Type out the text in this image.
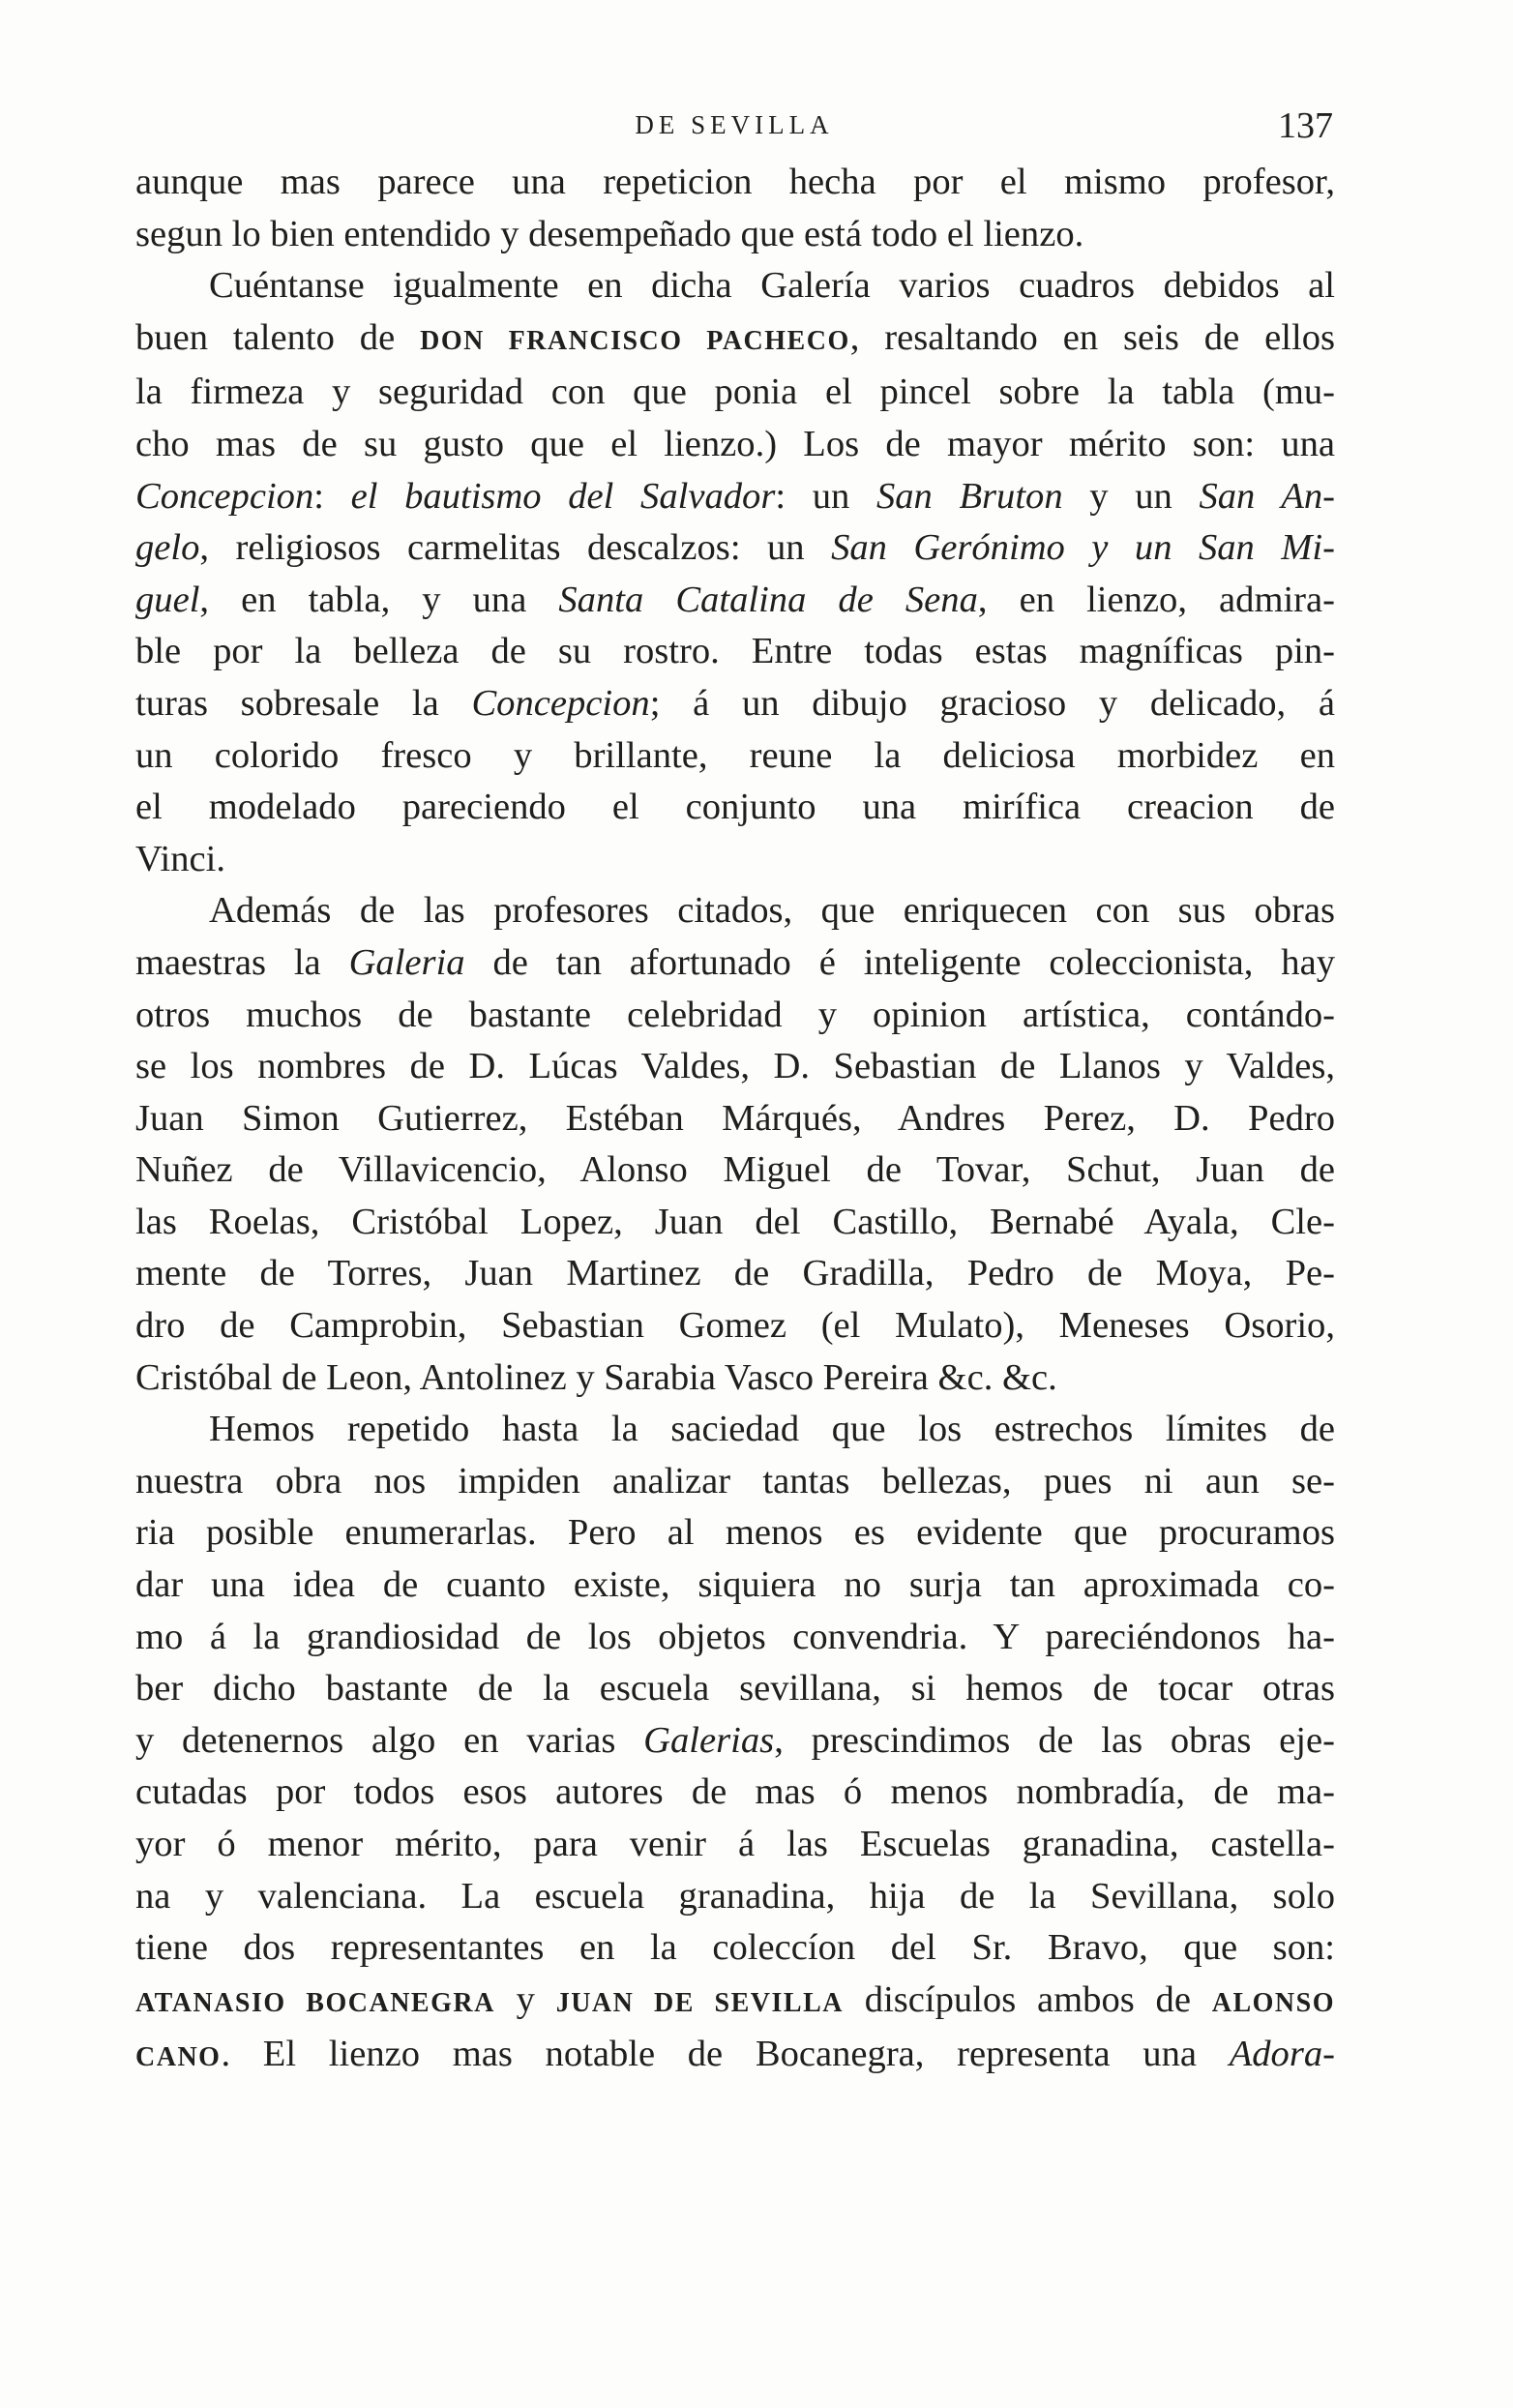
DE SEVILLA	137
aunque mas parece una repeticion hecha por el mismo profesor,
segun lo bien entendido y desempeñado que está todo el lienzo.
Cuéntanse igualmente en dicha Galería varios cuadros debidos al
buen talento de DON FRANCISCO PACHECO, resaltando en seis de ellos
la firmeza y seguridad con que ponia el pincel sobre la tabla (mu-
cho mas de su gusto que el lienzo.) Los de mayor mérito son: una
Concepcion: el bautismo del Salvador: un San Bruton y un San An-
gelo, religiosos carmelitas descalzos: un San Gerónimo y un San Mi-
guel, en tabla, y una Santa Catalina de Sena, en lienzo, admira-
ble por la belleza de su rostro. Entre todas estas magníficas pin-
turas sobresale la Concepcion; á un dibujo gracioso y delicado, á
un colorido fresco y brillante, reune la deliciosa morbidez en
el modelado pareciendo el conjunto una mirífica creacion de
Vinci.
Además de las profesores citados, que enriquecen con sus obras
maestras la Galeria de tan afortunado é inteligente coleccionista, hay
otros muchos de bastante celebridad y opinion artística, contándo-
se los nombres de D. Lúcas Valdes, D. Sebastian de Llanos y Valdes,
Juan Simon Gutierrez, Estéban Márqués, Andres Perez, D. Pedro
Nuñez de Villavicencio, Alonso Miguel de Tovar, Schut, Juan de
las Roelas, Cristóbal Lopez, Juan del Castillo, Bernabé Ayala, Cle-
mente de Torres, Juan Martinez de Gradilla, Pedro de Moya, Pe-
dro de Camprobin, Sebastian Gomez (el Mulato), Meneses Osorio,
Cristóbal de Leon, Antolinez y Sarabia Vasco Pereira &c. &c.
Hemos repetido hasta la saciedad que los estrechos límites de
nuestra obra nos impiden analizar tantas bellezas, pues ni aun se-
ria posible enumerarlas. Pero al menos es evidente que procuramos
dar una idea de cuanto existe, siquiera no surja tan aproximada co-
mo á la grandiosidad de los objetos convendria. Y pareciéndonos ha-
ber dicho bastante de la escuela sevillana, si hemos de tocar otras
y detenernos algo en varias Galerias, prescindimos de las obras eje-
cutadas por todos esos autores de mas ó menos nombradía, de ma-
yor ó menor mérito, para venir á las Escuelas granadina, castella-
na y valenciana. La escuela granadina, hija de la Sevillana, solo
tiene dos representantes en la coleccíon del Sr. Bravo, que son:
ATANASIO BOCANEGRA y JUAN DE SEVILLA discípulos ambos de ALONSO
CANO. El lienzo mas notable de Bocanegra, representa una Adora-
